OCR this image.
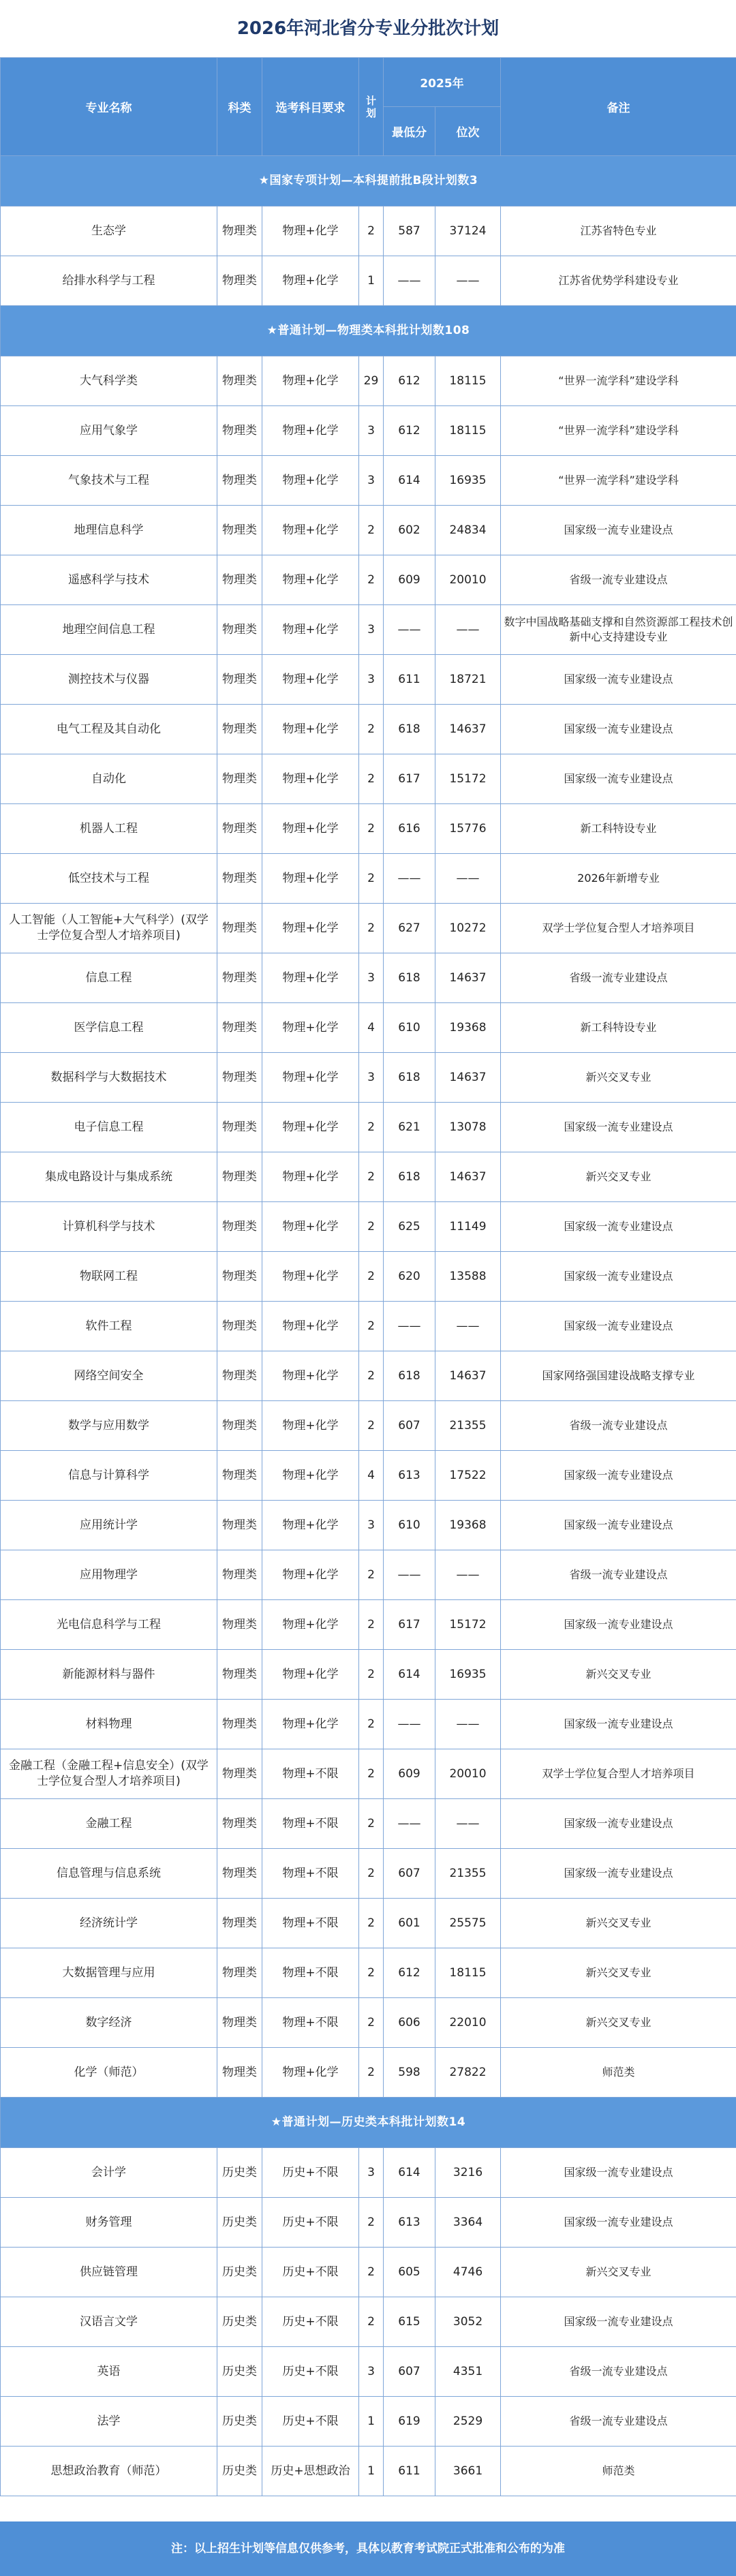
2026年河北省分专业分批次计划
专业名称	科类	选考科目要求	计划	2025年		备注
				最低分	位次	
★国家专项计划—本科提前批B段计划数3						
生态学	物理类	物理+化学	2	587	37124	江苏省特色专业
给排水科学与工程	物理类	物理+化学	1	——	——	江苏省优势学科建设专业
★普通计划—物理类本科批计划数108						
大气科学类	物理类	物理+化学	29	612	18115	“世界一流学科”建设学科
应用气象学	物理类	物理+化学	3	612	18115	“世界一流学科”建设学科
气象技术与工程	物理类	物理+化学	3	614	16935	“世界一流学科”建设学科
地理信息科学	物理类	物理+化学	2	602	24834	国家级一流专业建设点
遥感科学与技术	物理类	物理+化学	2	609	20010	省级一流专业建设点
地理空间信息工程	物理类	物理+化学	3	——	——	数字中国战略基础支撑和自然资源部工程技术创新中心支持建设专业
测控技术与仪器	物理类	物理+化学	3	611	18721	国家级一流专业建设点
电气工程及其自动化	物理类	物理+化学	2	618	14637	国家级一流专业建设点
自动化	物理类	物理+化学	2	617	15172	国家级一流专业建设点
机器人工程	物理类	物理+化学	2	616	15776	新工科特设专业
低空技术与工程	物理类	物理+化学	2	——	——	2026年新增专业
人工智能（人工智能+大气科学）(双学士学位复合型人才培养项目)	物理类	物理+化学	2	627	10272	双学士学位复合型人才培养项目
信息工程	物理类	物理+化学	3	618	14637	省级一流专业建设点
医学信息工程	物理类	物理+化学	4	610	19368	新工科特设专业
数据科学与大数据技术	物理类	物理+化学	3	618	14637	新兴交叉专业
电子信息工程	物理类	物理+化学	2	621	13078	国家级一流专业建设点
集成电路设计与集成系统	物理类	物理+化学	2	618	14637	新兴交叉专业
计算机科学与技术	物理类	物理+化学	2	625	11149	国家级一流专业建设点
物联网工程	物理类	物理+化学	2	620	13588	国家级一流专业建设点
软件工程	物理类	物理+化学	2	——	——	国家级一流专业建设点
网络空间安全	物理类	物理+化学	2	618	14637	国家网络强国建设战略支撑专业
数学与应用数学	物理类	物理+化学	2	607	21355	省级一流专业建设点
信息与计算科学	物理类	物理+化学	4	613	17522	国家级一流专业建设点
应用统计学	物理类	物理+化学	3	610	19368	国家级一流专业建设点
应用物理学	物理类	物理+化学	2	——	——	省级一流专业建设点
光电信息科学与工程	物理类	物理+化学	2	617	15172	国家级一流专业建设点
新能源材料与器件	物理类	物理+化学	2	614	16935	新兴交叉专业
材料物理	物理类	物理+化学	2	——	——	国家级一流专业建设点
金融工程（金融工程+信息安全）(双学士学位复合型人才培养项目)	物理类	物理+不限	2	609	20010	双学士学位复合型人才培养项目
金融工程	物理类	物理+不限	2	——	——	国家级一流专业建设点
信息管理与信息系统	物理类	物理+不限	2	607	21355	国家级一流专业建设点
经济统计学	物理类	物理+不限	2	601	25575	新兴交叉专业
大数据管理与应用	物理类	物理+不限	2	612	18115	新兴交叉专业
数字经济	物理类	物理+不限	2	606	22010	新兴交叉专业
化学（师范）	物理类	物理+化学	2	598	27822	师范类
★普通计划—历史类本科批计划数14						
会计学	历史类	历史+不限	3	614	3216	国家级一流专业建设点
财务管理	历史类	历史+不限	2	613	3364	国家级一流专业建设点
供应链管理	历史类	历史+不限	2	605	4746	新兴交叉专业
汉语言文学	历史类	历史+不限	2	615	3052	国家级一流专业建设点
英语	历史类	历史+不限	3	607	4351	省级一流专业建设点
法学	历史类	历史+不限	1	619	2529	省级一流专业建设点
思想政治教育（师范）	历史类	历史+思想政治	1	611	3661	师范类
注：以上招生计划等信息仅供参考，具体以教育考试院正式批准和公布的为准
